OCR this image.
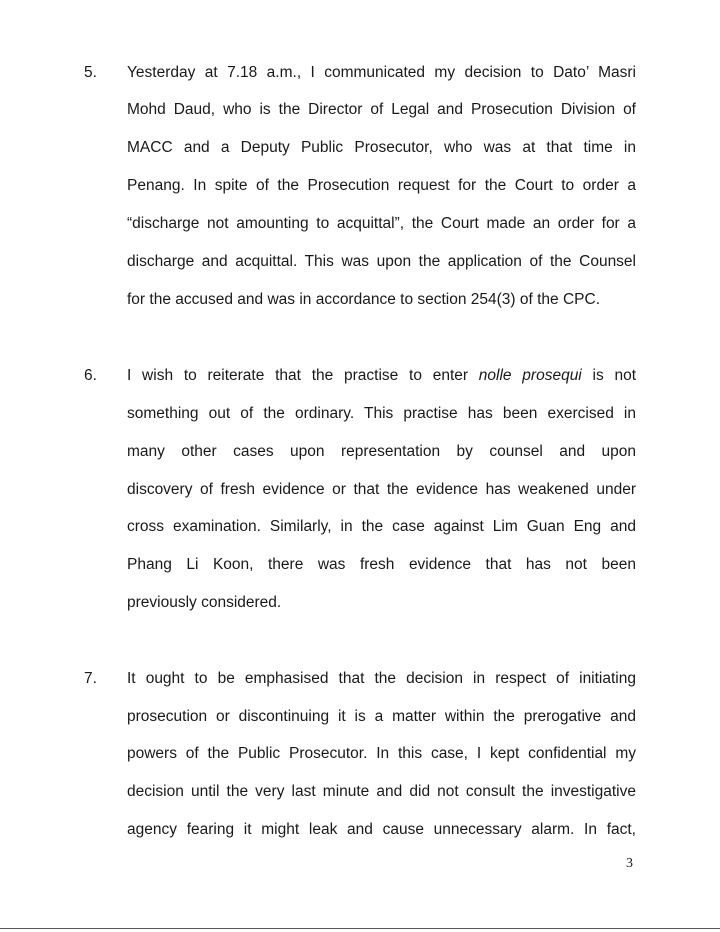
5. Yesterday at 7.18 a.m., I communicated my decision to Dato’ Masri
Mohd Daud, who is the Director of Legal and Prosecution Division of
MACC and a Deputy Public Prosecutor, who was at that time in
Penang. In spite of the Prosecution request for the Court to order a
“discharge not amounting to acquittal”, the Court made an order for a
discharge and acquittal. This was upon the application of the Counsel
for the accused and was in accordance to section 254(3) of the CPC.
6. I wish to reiterate that the practise to enter nolle prosequi is not
something out of the ordinary. This practise has been exercised in
many other cases upon representation by counsel and upon
discovery of fresh evidence or that the evidence has weakened under
cross examination. Similarly, in the case against Lim Guan Eng and
Phang Li Koon, there was fresh evidence that has not been
previously considered.
7. It ought to be emphasised that the decision in respect of initiating
prosecution or discontinuing it is a matter within the prerogative and
powers of the Public Prosecutor. In this case, I kept confidential my
decision until the very last minute and did not consult the investigative
agency fearing it might leak and cause unnecessary alarm. In fact,
3
